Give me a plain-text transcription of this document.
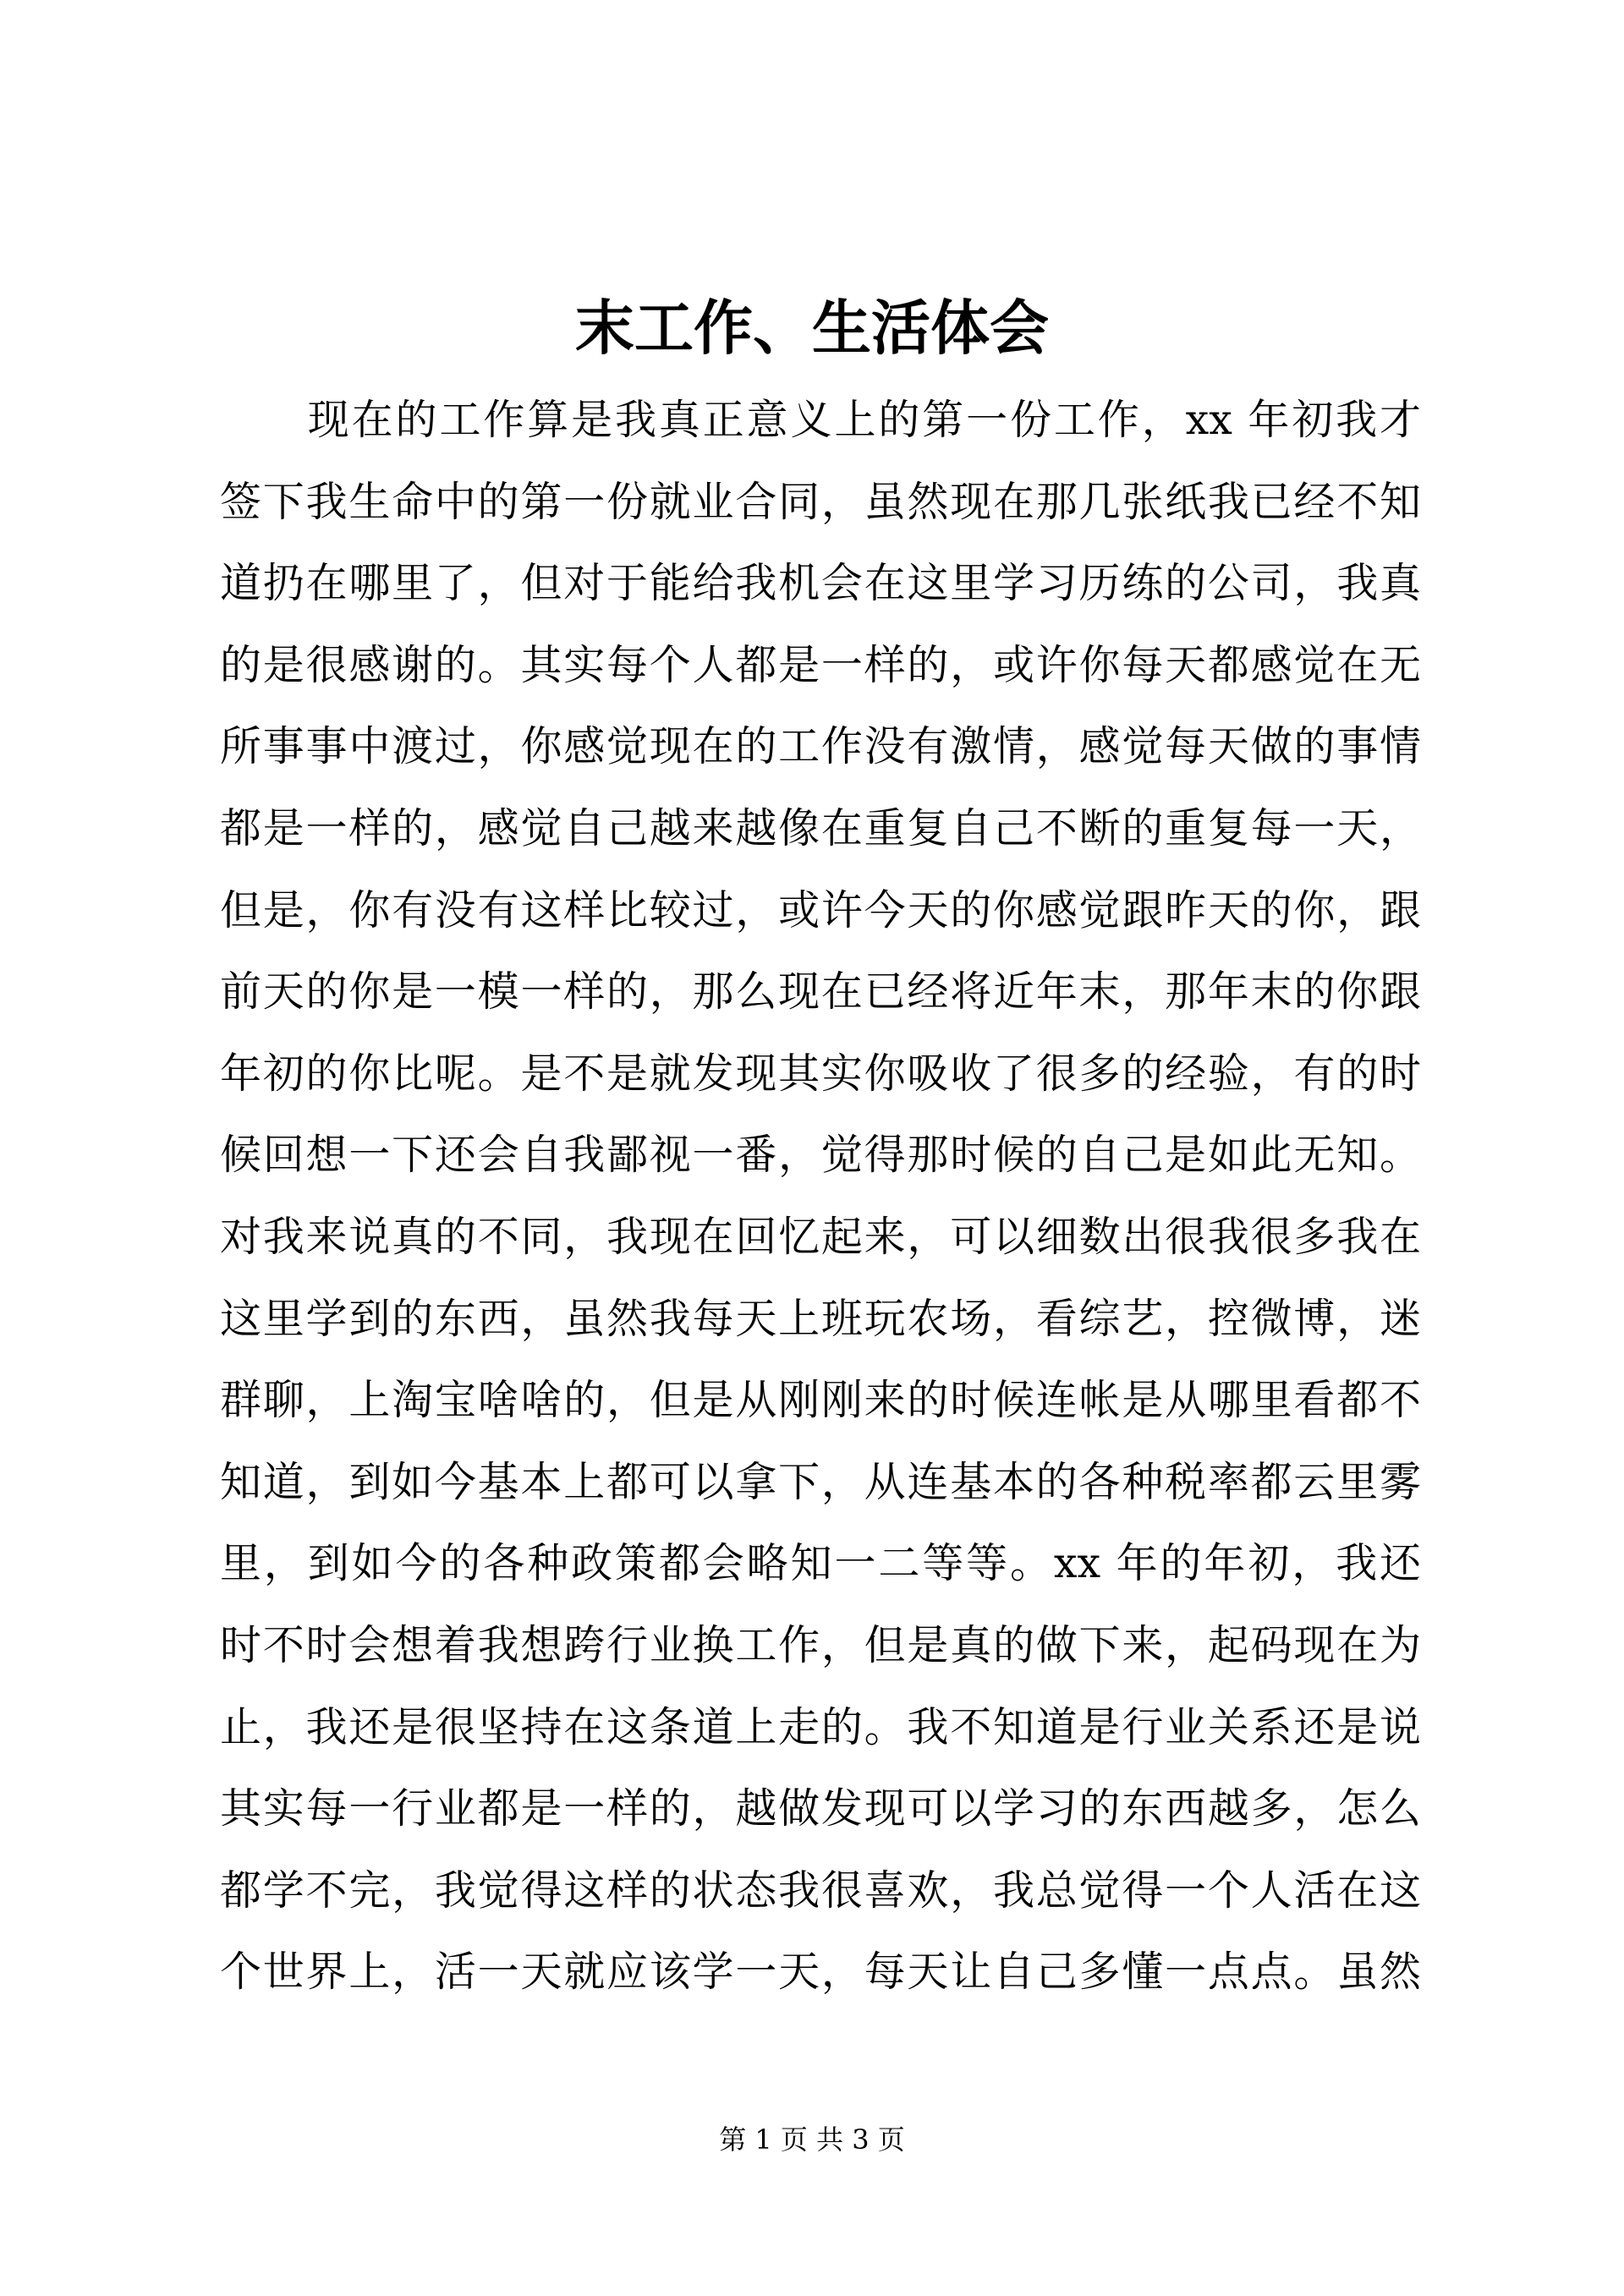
末工作、生活体会
　　现在的工作算是我真正意义上的第一份工作，xx 年初我才
签下我生命中的第一份就业合同，虽然现在那几张纸我已经不知
道扔在哪里了，但对于能给我机会在这里学习历练的公司，我真
的是很感谢的。其实每个人都是一样的，或许你每天都感觉在无
所事事中渡过，你感觉现在的工作没有激情，感觉每天做的事情
都是一样的，感觉自己越来越像在重复自己不断的重复每一天，
但是，你有没有这样比较过，或许今天的你感觉跟昨天的你，跟
前天的你是一模一样的，那么现在已经将近年末，那年末的你跟
年初的你比呢。是不是就发现其实你吸收了很多的经验，有的时
候回想一下还会自我鄙视一番，觉得那时候的自己是如此无知。
对我来说真的不同，我现在回忆起来，可以细数出很我很多我在
这里学到的东西，虽然我每天上班玩农场，看综艺，控微博，迷
群聊，上淘宝啥啥的，但是从刚刚来的时候连帐是从哪里看都不
知道，到如今基本上都可以拿下，从连基本的各种税率都云里雾
里，到如今的各种政策都会略知一二等等。xx 年的年初，我还
时不时会想着我想跨行业换工作，但是真的做下来，起码现在为
止，我还是很坚持在这条道上走的。我不知道是行业关系还是说
其实每一行业都是一样的，越做发现可以学习的东西越多，怎么
都学不完，我觉得这样的状态我很喜欢，我总觉得一个人活在这
个世界上，活一天就应该学一天，每天让自己多懂一点点。虽然
第 1 页 共 3 页
